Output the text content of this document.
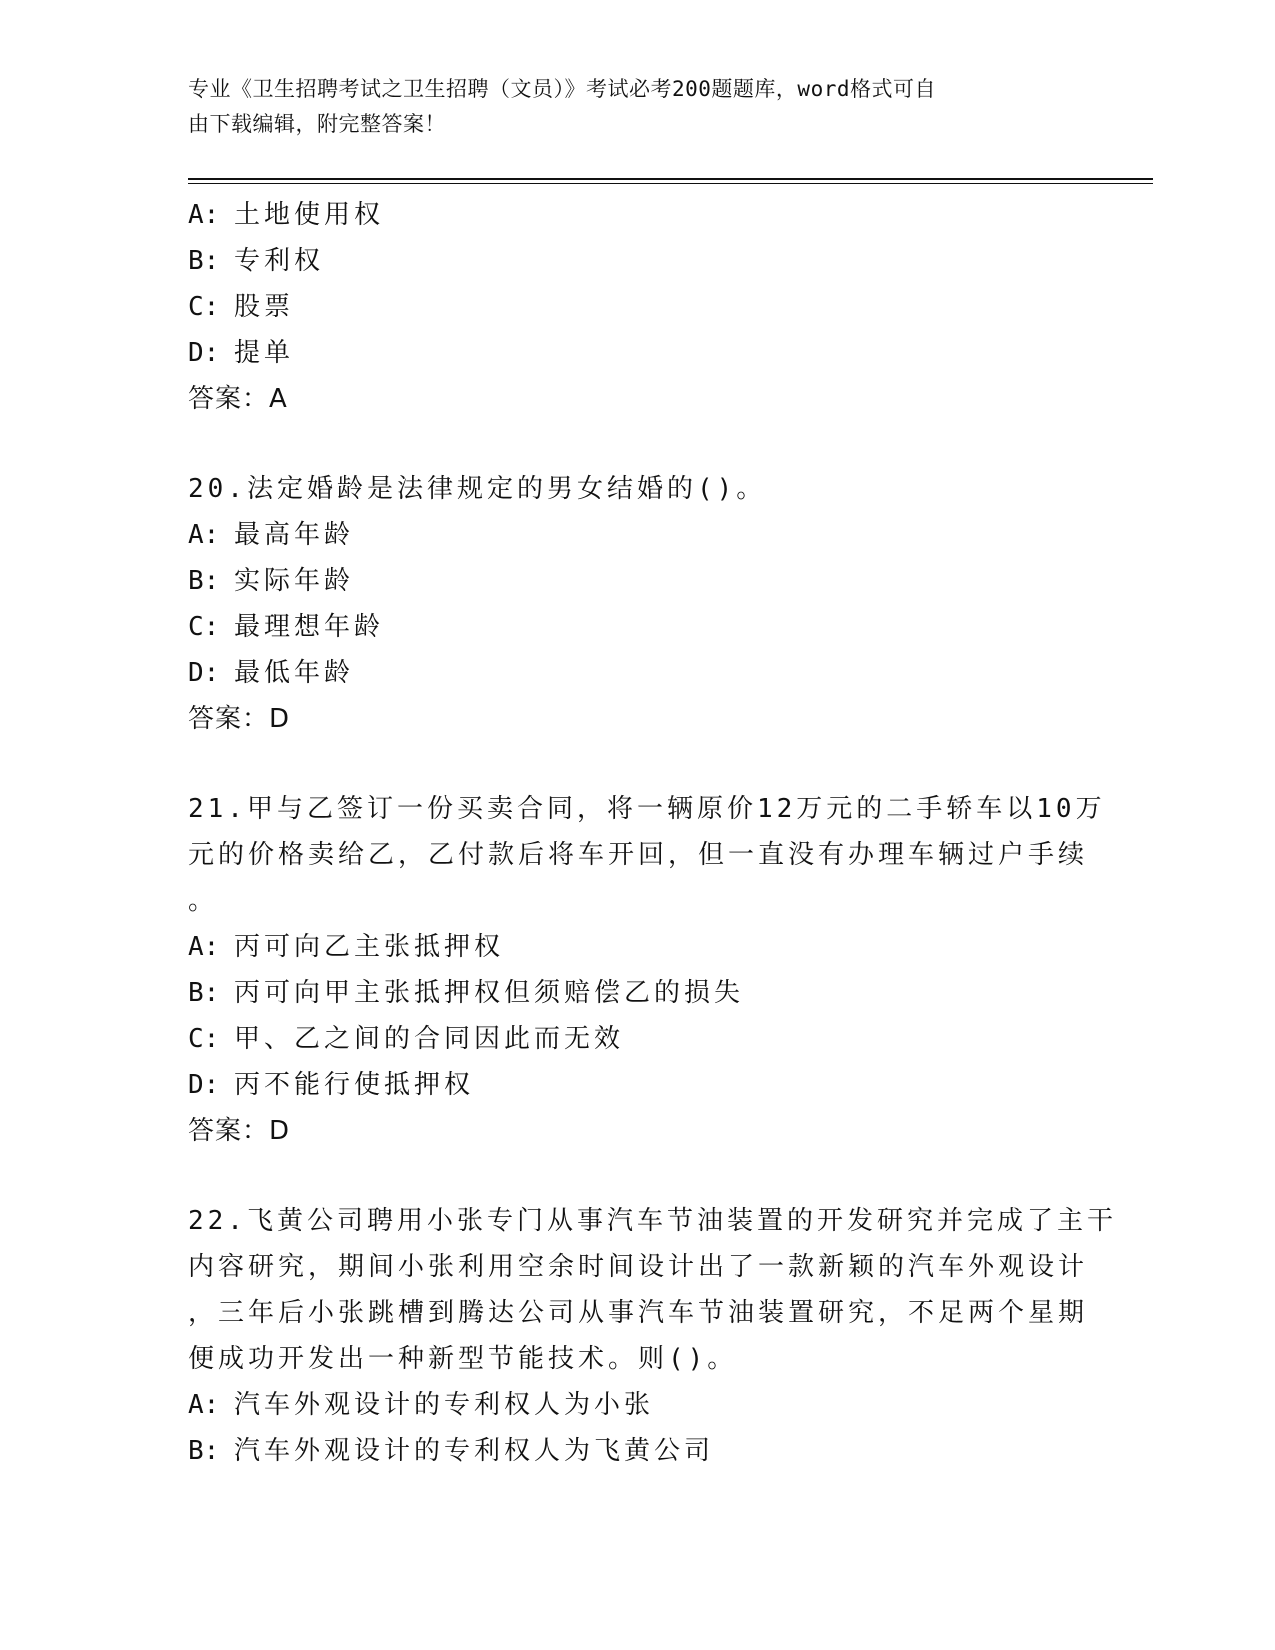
专业《卫生招聘考试之卫生招聘（文员）》考试必考200题题库，word格式可自
由下载编辑，附完整答案！
A: 土地使用权
B: 专利权
C: 股票
D: 提单
答案：A
20.法定婚龄是法律规定的男女结婚的()。
A: 最高年龄
B: 实际年龄
C: 最理想年龄
D: 最低年龄
答案：D
21.甲与乙签订一份买卖合同，将一辆原价12万元的二手轿车以10万
元的价格卖给乙，乙付款后将车开回，但一直没有办理车辆过户手续
。
A: 丙可向乙主张抵押权
B: 丙可向甲主张抵押权但须赔偿乙的损失
C: 甲、乙之间的合同因此而无效
D: 丙不能行使抵押权
答案：D
22.飞黄公司聘用小张专门从事汽车节油装置的开发研究并完成了主干
内容研究，期间小张利用空余时间设计出了一款新颖的汽车外观设计
，三年后小张跳槽到腾达公司从事汽车节油装置研究，不足两个星期
便成功开发出一种新型节能技术。则()。
A: 汽车外观设计的专利权人为小张
B: 汽车外观设计的专利权人为飞黄公司
